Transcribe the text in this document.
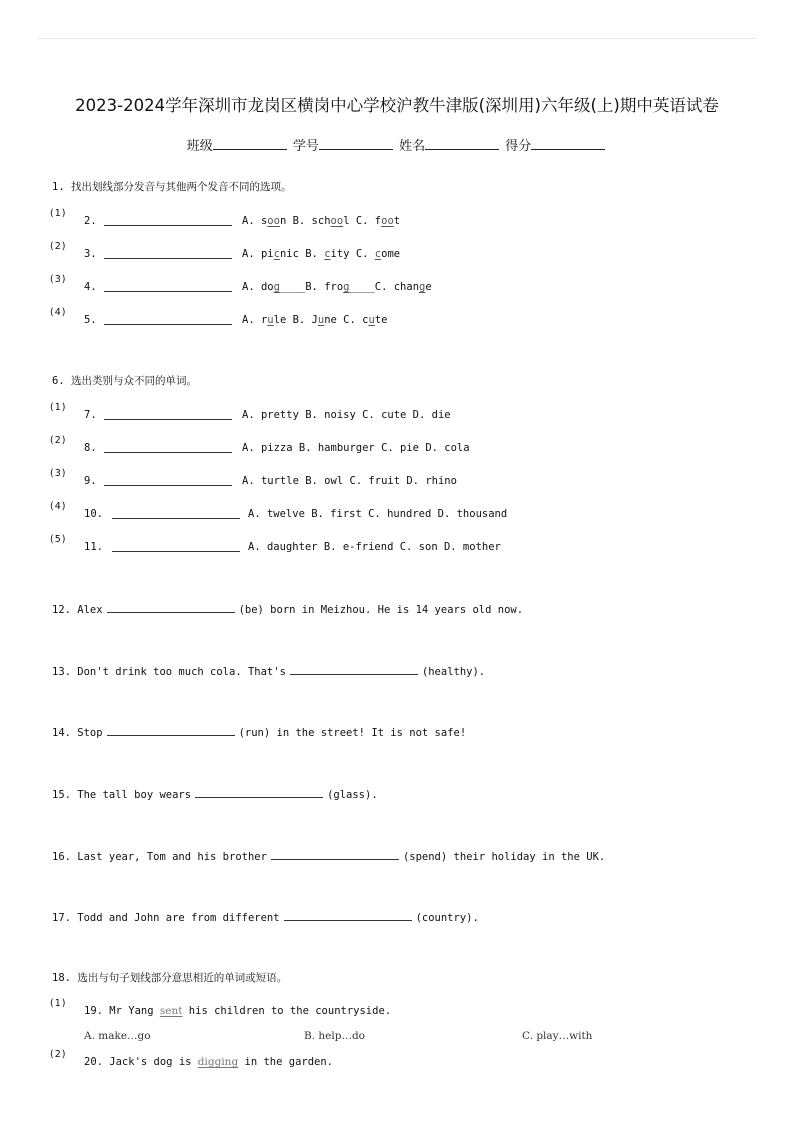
2023-2024学年深圳市龙岗区横岗中心学校沪教牛津版(深圳用)六年级(上)期中英语试卷
班级	学号	姓名	得分
1. 找出划线部分发音与其他两个发音不同的选项。
(1)
2.	A. soon B. school C. foot
(2)
3.	A. picnic B. city C. come
(3)
4.	A. dog____B. frog____C. change
(4)
5.	A. rule B. June C. cute
6. 选出类别与众不同的单词。
(1)
7.	A. pretty B. noisy C. cute D. die
(2)
8.	A. pizza B. hamburger C. pie D. cola
(3)
9.	A. turtle B. owl C. fruit D. rhino
(4)
10.	A. twelve B. first C. hundred D. thousand
(5)
11.	A. daughter B. e-friend C. son D. mother
12. Alex	(be) born in Meizhou. He is 14 years old now.
13. Don't drink too much cola. That's	(healthy).
14. Stop	(run) in the street! It is not safe!
15. The tall boy wears	(glass).
16. Last year, Tom and his brother	(spend) their holiday in the UK.
17. Todd and John are from different	(country).
18. 选出与句子划线部分意思相近的单词或短语。
(1)
19. Mr Yang sent his children to the countryside.
A. make…go	B. help…do	C. play…with
(2)
20. Jack's dog is digging in the garden.
